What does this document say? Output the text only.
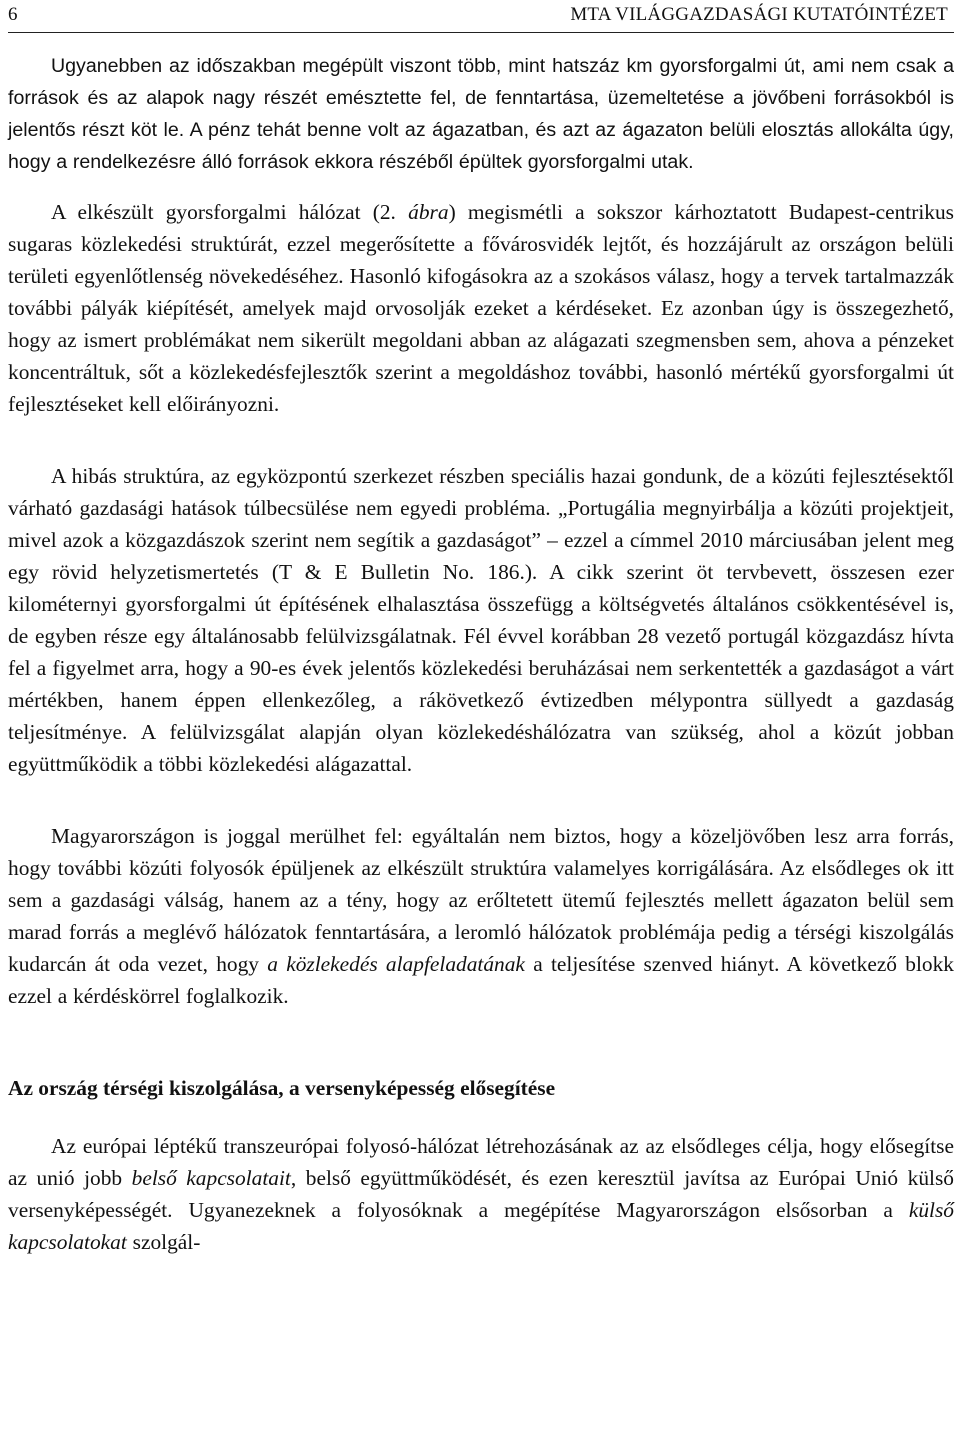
6	MTA VILÁGGAZDASÁGI KUTATÓINTÉZET

Ugyanebben az időszakban megépült viszont több, mint hatszáz km gyorsforgalmi út, ami nem csak a források és az alapok nagy részét emésztette fel, de fenntartása, üzemeltetése a jövőbeni forrásokból is jelentős részt köt le. A pénz tehát benne volt az ágazatban, és azt az ágazaton belüli elosztás allokálta úgy, hogy a rendelkezésre álló források ekkora részéből épültek gyorsforgalmi utak.

A elkészült gyorsforgalmi hálózat (2. ábra) megismétli a sokszor kárhoztatott Budapest-centrikus sugaras közlekedési struktúrát, ezzel megerősítette a fővárosvidék lejtőt, és hozzájárult az országon belüli területi egyenlőtlenség növekedéséhez. Hasonló kifogásokra az a szokásos válasz, hogy a tervek tartalmazzák további pályák kiépítését, amelyek majd orvosolják ezeket a kérdéseket. Ez azonban úgy is összegezhető, hogy az ismert problémákat nem sikerült megoldani abban az alágazati szegmensben sem, ahova a pénzeket koncentráltuk, sőt a közlekedésfejlesztők szerint a megoldáshoz további, hasonló mértékű gyorsforgalmi út fejlesztéseket kell előirányozni.

A hibás struktúra, az egyközpontú szerkezet részben speciális hazai gondunk, de a közúti fejlesztésektől várható gazdasági hatások túlbecsülése nem egyedi probléma. „Portugália megnyirbálja a közúti projektjeit, mivel azok a közgazdászok szerint nem segítik a gazdaságot” – ezzel a címmel 2010 márciusában jelent meg egy rövid helyzetismertetés (T & E Bulletin No. 186.). A cikk szerint öt tervbevett, összesen ezer kilométernyi gyorsforgalmi út építésének elhalasztása összefügg a költségvetés általános csökkentésével is, de egyben része egy általánosabb felülvizsgálatnak. Fél évvel korábban 28 vezető portugál közgazdász hívta fel a figyelmet arra, hogy a 90-es évek jelentős közlekedési beruházásai nem serkentették a gazdaságot a várt mértékben, hanem éppen ellenkezőleg, a rákövetkező évtizedben mélypontra süllyedt a gazdaság teljesítménye. A felülvizsgálat alapján olyan közlekedéshálózatra van szükség, ahol a közút jobban együttműködik a többi közlekedési alágazattal.

Magyarországon is joggal merülhet fel: egyáltalán nem biztos, hogy a közeljövőben lesz arra forrás, hogy további közúti folyosók épüljenek az elkészült struktúra valamelyes korrigálására. Az elsődleges ok itt sem a gazdasági válság, hanem az a tény, hogy az erőltetett ütemű fejlesztés mellett ágazaton belül sem marad forrás a meglévő hálózatok fenntartására, a leromló hálózatok problémája pedig a térségi kiszolgálás kudarcán át oda vezet, hogy a közlekedés alapfeladatának a teljesítése szenved hiányt. A következő blokk ezzel a kérdéskörrel foglalkozik.

Az ország térségi kiszolgálása, a versenyképesség elősegítése

Az európai léptékű transzeurópai folyosó-hálózat létrehozásának az az elsődleges célja, hogy elősegítse az unió jobb belső kapcsolatait, belső együttműködését, és ezen keresztül javítsa az Európai Unió külső versenyképességét. Ugyanezeknek a folyosóknak a megépítése Magyarországon elsősorban a külső kapcsolatokat szolgál-
